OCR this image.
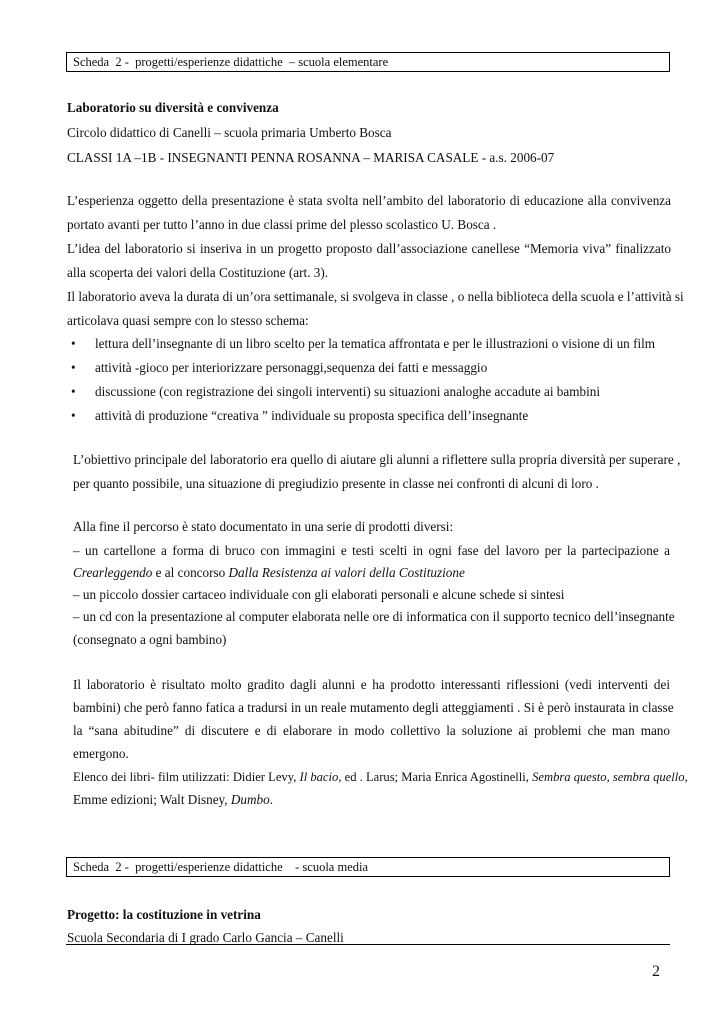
Scheda  2 -  progetti/esperienze didattiche  – scuola elementare
Laboratorio su diversità e convivenza
Circolo didattico di Canelli – scuola primaria Umberto Bosca
CLASSI 1A –1B - INSEGNANTI PENNA ROSANNA – MARISA CASALE - a.s. 2006-07
L’esperienza oggetto della presentazione è stata svolta nell’ambito del laboratorio di educazione alla convivenza
portato avanti per tutto l’anno in due classi prime del plesso scolastico U. Bosca .
L’idea del laboratorio si inseriva in un progetto proposto dall’associazione canellese “Memoria viva” finalizzato
alla scoperta dei valori della Costituzione (art. 3).
Il laboratorio aveva la durata di un’ora settimanale, si svolgeva in classe , o nella biblioteca della scuola e l’attività si
articolava quasi sempre con lo stesso schema:
• lettura dell’insegnante di un libro scelto per la tematica affrontata e per le illustrazioni o visione di un film
• attività -gioco per interiorizzare personaggi,sequenza dei fatti e messaggio
• discussione (con registrazione dei singoli interventi) su situazioni analoghe accadute ai bambini
• attività di produzione “creativa ” individuale su proposta specifica dell’insegnante
L’obiettivo principale del laboratorio era quello di aiutare gli alunni a riflettere sulla propria diversità per superare ,
per quanto possibile, una situazione di pregiudizio presente in classe nei confronti di alcuni di loro .
Alla fine il percorso è stato documentato in una serie di prodotti diversi:
– un cartellone a forma di bruco con immagini e testi scelti in ogni fase del lavoro per la partecipazione a
Crearleggendo e al concorso Dalla Resistenza ai valori della Costituzione
– un piccolo dossier cartaceo individuale con gli elaborati personali e alcune schede si sintesi
– un cd con la presentazione al computer elaborata nelle ore di informatica con il supporto tecnico dell’insegnante
(consegnato a ogni bambino)
Il laboratorio è risultato molto gradito dagli alunni e ha prodotto interessanti riflessioni (vedi interventi dei
bambini) che però fanno fatica a tradursi in un reale mutamento degli atteggiamenti . Si è però instaurata in classe
la “sana abitudine” di discutere e di elaborare in modo collettivo la soluzione ai problemi che man mano
emergono.
Elenco dei libri- film utilizzati: Didier Levy, Il bacio, ed . Larus; Maria Enrica Agostinelli, Sembra questo, sembra quello,
Emme edizioni; Walt Disney, Dumbo.
Scheda  2 -  progetti/esperienze didattiche    - scuola media
Progetto: la costituzione in vetrina
Scuola Secondaria di I grado Carlo Gancia – Canelli
2
